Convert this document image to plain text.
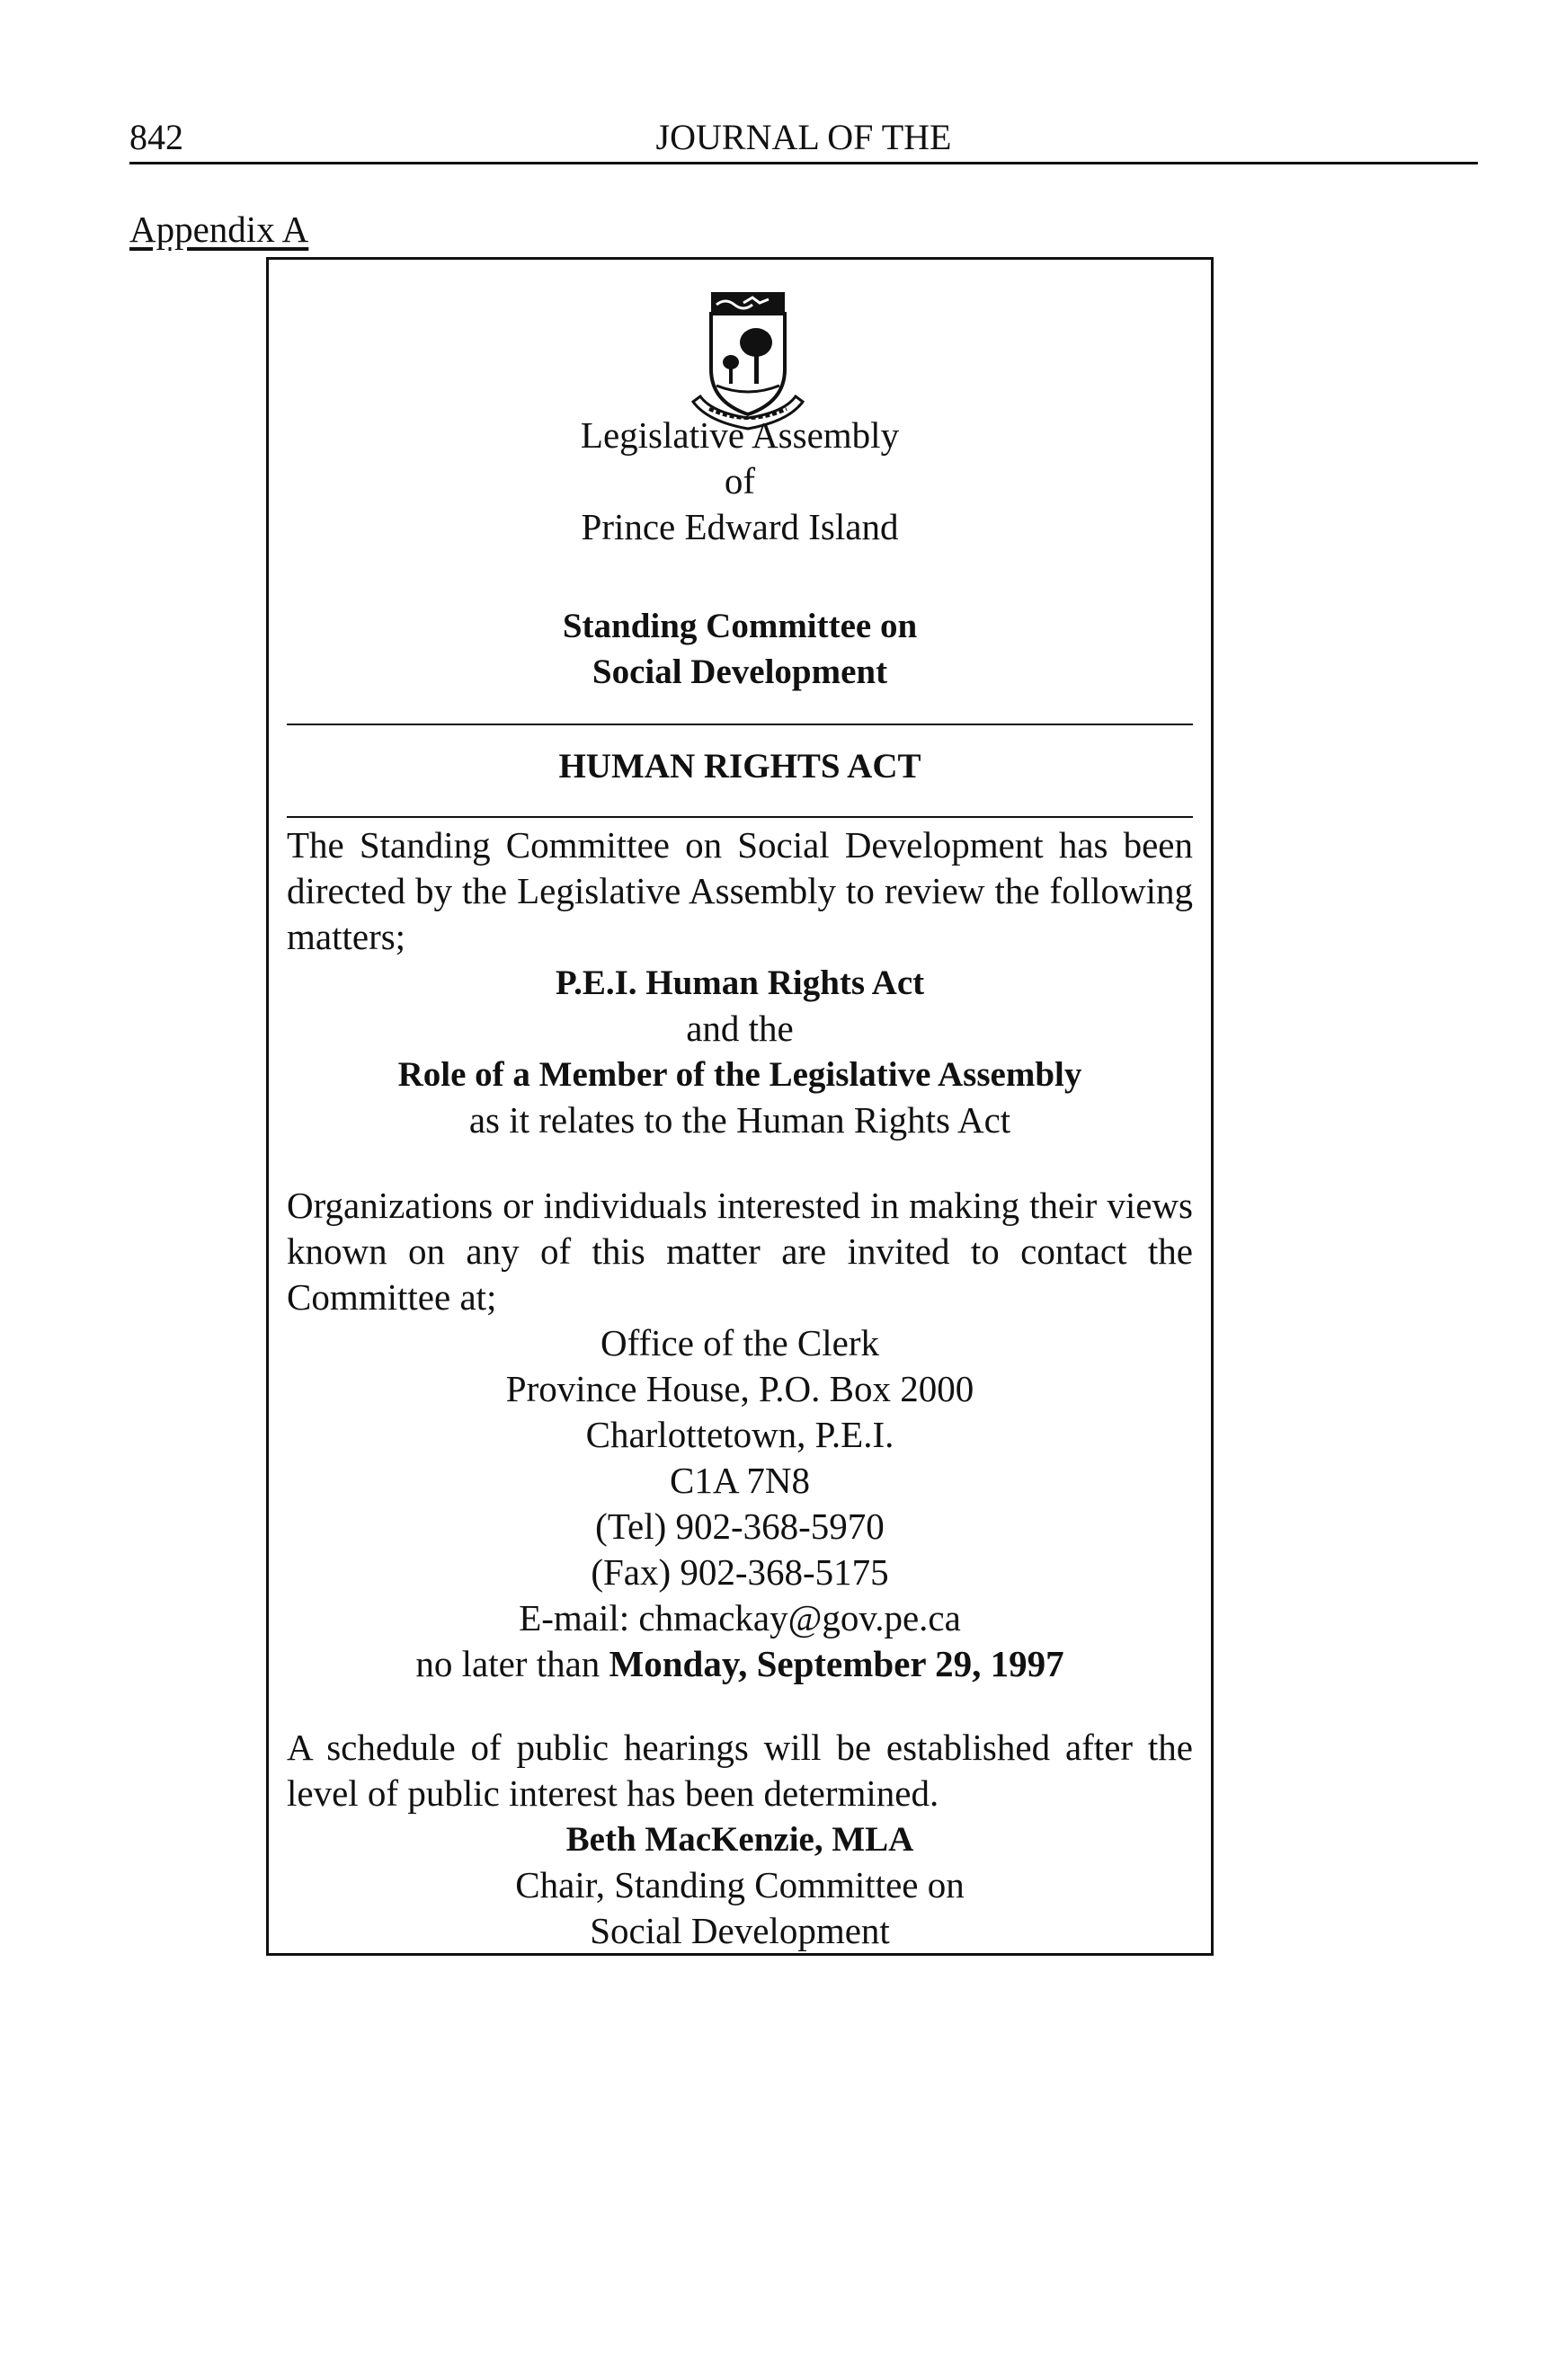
842	JOURNAL OF THE
Appendix A
Legislative Assembly
of
Prince Edward Island
Standing Committee on
Social Development
HUMAN RIGHTS ACT
The Standing Committee on Social Development has been directed by the Legislative Assembly to review the following matters;
P.E.I. Human Rights Act
and the
Role of a Member of the Legislative Assembly
as it relates to the Human Rights Act
Organizations or individuals interested in making their views known on any of this matter are invited to contact the Committee at;
Office of the Clerk
Province House, P.O. Box 2000
Charlottetown, P.E.I.
C1A 7N8
(Tel) 902-368-5970
(Fax) 902-368-5175
E-mail: chmackay@gov.pe.ca
no later than Monday, September 29, 1997
A schedule of public hearings will be established after the level of public interest has been determined.
Beth MacKenzie, MLA
Chair, Standing Committee on
Social Development
